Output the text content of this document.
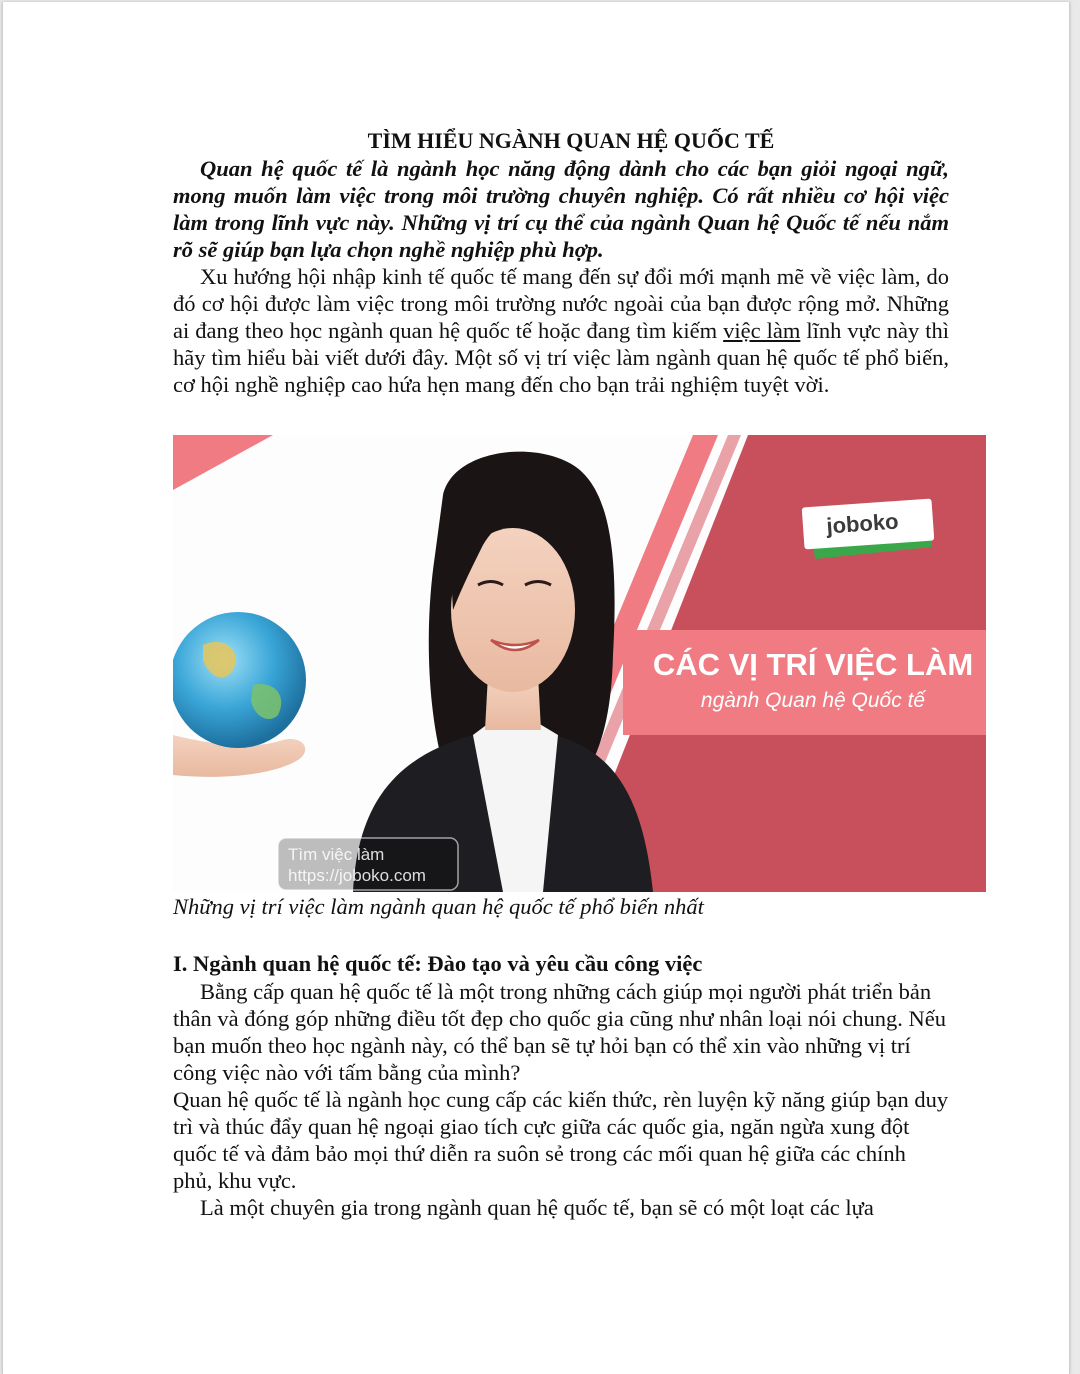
TÌM HIỂU NGÀNH QUAN HỆ QUỐC TẾ

Quan hệ quốc tế là ngành học năng động dành cho các bạn giỏi ngoại ngữ, mong muốn làm việc trong môi trường chuyên nghiệp. Có rất nhiều cơ hội việc làm trong lĩnh vực này. Những vị trí cụ thể của ngành Quan hệ Quốc tế nếu nắm rõ sẽ giúp bạn lựa chọn nghề nghiệp phù hợp.

Xu hướng hội nhập kinh tế quốc tế mang đến sự đổi mới mạnh mẽ về việc làm, do đó cơ hội được làm việc trong môi trường nước ngoài của bạn được rộng mở. Những ai đang theo học ngành quan hệ quốc tế hoặc đang tìm kiếm việc làm lĩnh vực này thì hãy tìm hiểu bài viết dưới đây. Một số vị trí việc làm ngành quan hệ quốc tế phổ biến, cơ hội nghề nghiệp cao hứa hẹn mang đến cho bạn trải nghiệm tuyệt vời.

CÁC VỊ TRÍ VIỆC LÀM
ngành Quan hệ Quốc tế
joboko
Tìm việc làm
https://joboko.com

Những vị trí việc làm ngành quan hệ quốc tế phổ biến nhất

I. Ngành quan hệ quốc tế: Đào tạo và yêu cầu công việc

Bằng cấp quan hệ quốc tế là một trong những cách giúp mọi người phát triển bản thân và đóng góp những điều tốt đẹp cho quốc gia cũng như nhân loại nói chung. Nếu bạn muốn theo học ngành này, có thể bạn sẽ tự hỏi bạn có thể xin vào những vị trí công việc nào với tấm bằng của mình?

Quan hệ quốc tế là ngành học cung cấp các kiến thức, rèn luyện kỹ năng giúp bạn duy trì và thúc đẩy quan hệ ngoại giao tích cực giữa các quốc gia, ngăn ngừa xung đột quốc tế và đảm bảo mọi thứ diễn ra suôn sẻ trong các mối quan hệ giữa các chính phủ, khu vực.

Là một chuyên gia trong ngành quan hệ quốc tế, bạn sẽ có một loạt các lựa
